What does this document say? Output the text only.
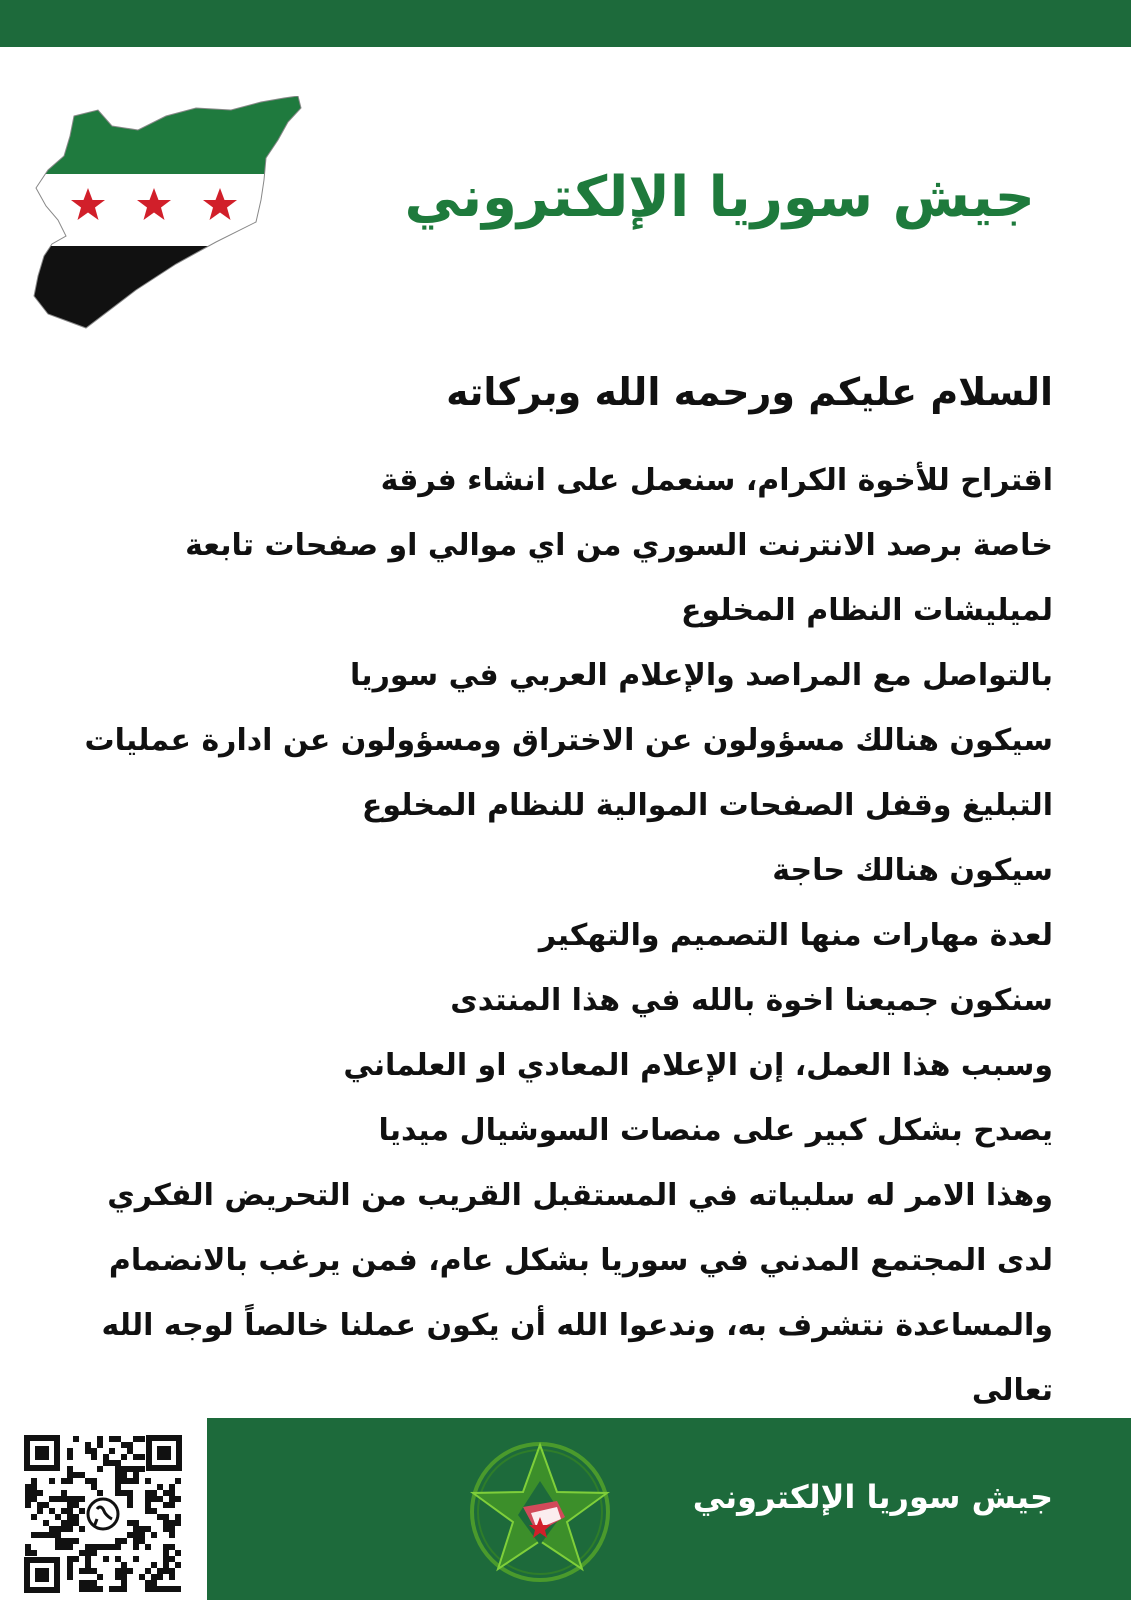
جيش سوريا الإلكتروني
السلام عليكم ورحمه الله وبركاته
اقتراح للأخوة الكرام، سنعمل على انشاء فرقة
خاصة برصد الانترنت السوري من اي موالي او صفحات تابعة
لميليشات النظام المخلوع
بالتواصل مع المراصد والإعلام العربي في سوريا
سيكون هنالك مسؤولون عن الاختراق ومسؤولون عن ادارة عمليات
التبليغ وقفل الصفحات الموالية للنظام المخلوع
سيكون هنالك حاجة
لعدة مهارات منها التصميم والتهكير
سنكون جميعنا اخوة بالله في هذا المنتدى
وسبب هذا العمل، إن الإعلام المعادي او العلماني
يصدح بشكل كبير على منصات السوشيال ميديا
وهذا الامر له سلبياته في المستقبل القريب من التحريض الفكري
لدى المجتمع المدني في سوريا بشكل عام، فمن يرغب بالانضمام
والمساعدة نتشرف به، وندعوا الله أن يكون عملنا خالصاً لوجه الله
تعالى
جيش سوريا الإلكتروني
